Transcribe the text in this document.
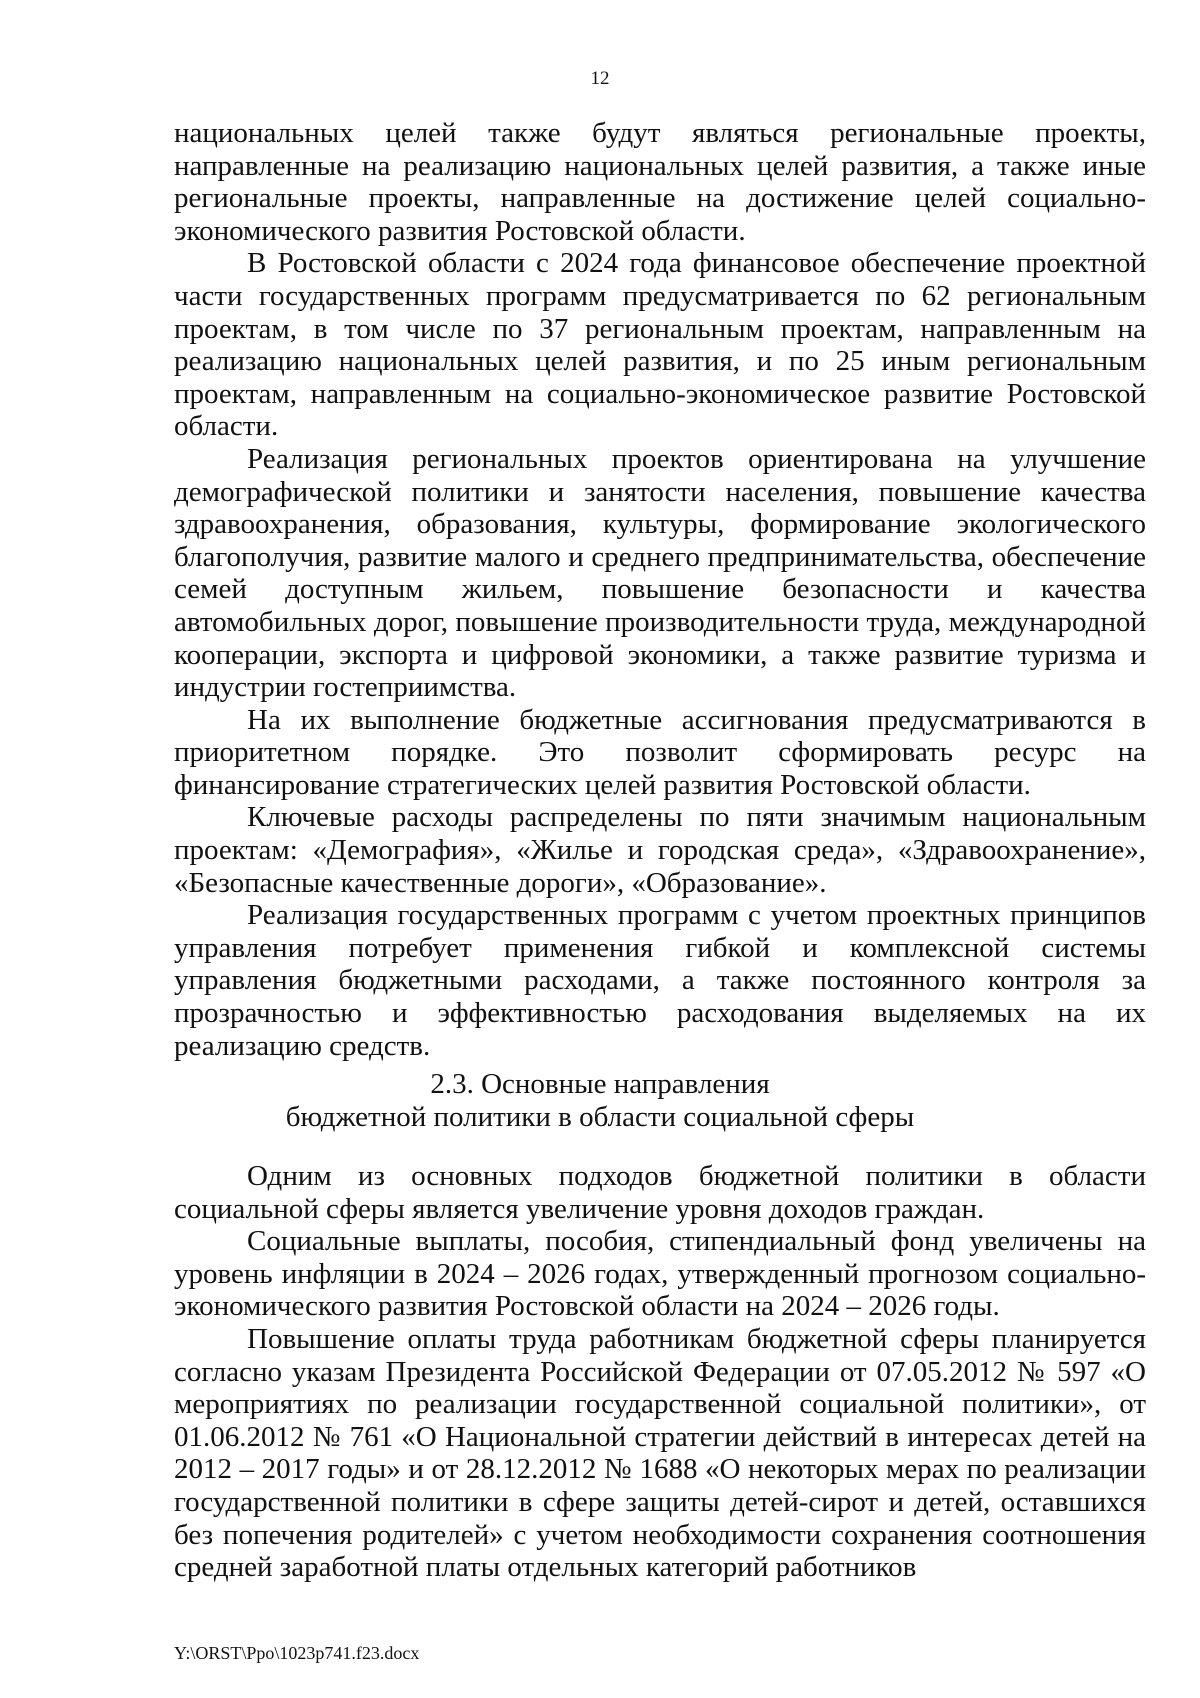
12

национальных целей также будут являться региональные проекты, направленные на реализацию национальных целей развития, а также иные региональные проекты, направленные на достижение целей социально-экономического развития Ростовской области.

В Ростовской области с 2024 года финансовое обеспечение проектной части государственных программ предусматривается по 62 региональным проектам, в том числе по 37 региональным проектам, направленным на реализацию национальных целей развития, и по 25 иным региональным проектам, направленным на социально-экономическое развитие Ростовской области.

Реализация региональных проектов ориентирована на улучшение демографической политики и занятости населения, повышение качества здравоохранения, образования, культуры, формирование экологического благополучия, развитие малого и среднего предпринимательства, обеспечение семей доступным жильем, повышение безопасности и качества автомобильных дорог, повышение производительности труда, международной кооперации, экспорта и цифровой экономики, а также развитие туризма и индустрии гостеприимства.

На их выполнение бюджетные ассигнования предусматриваются в приоритетном порядке. Это позволит сформировать ресурс на финансирование стратегических целей развития Ростовской области.

Ключевые расходы распределены по пяти значимым национальным проектам: «Демография», «Жилье и городская среда», «Здравоохранение», «Безопасные качественные дороги», «Образование».

Реализация государственных программ с учетом проектных принципов управления потребует применения гибкой и комплексной системы управления бюджетными расходами, а также постоянного контроля за прозрачностью и эффективностью расходования выделяемых на их реализацию средств.

2.3. Основные направления
бюджетной политики в области социальной сферы

Одним из основных подходов бюджетной политики в области социальной сферы является увеличение уровня доходов граждан.

Социальные выплаты, пособия, стипендиальный фонд увеличены на уровень инфляции в 2024 – 2026 годах, утвержденный прогнозом социально-экономического развития Ростовской области на 2024 – 2026 годы.

Повышение оплаты труда работникам бюджетной сферы планируется согласно указам Президента Российской Федерации от 07.05.2012 № 597 «О мероприятиях по реализации государственной социальной политики», от 01.06.2012 № 761 «О Национальной стратегии действий в интересах детей на 2012 – 2017 годы» и от 28.12.2012 № 1688 «О некоторых мерах по реализации государственной политики в сфере защиты детей-сирот и детей, оставшихся без попечения родителей» с учетом необходимости сохранения соотношения средней заработной платы отдельных категорий работников

Y:\ORST\Ppo\1023p741.f23.docx
